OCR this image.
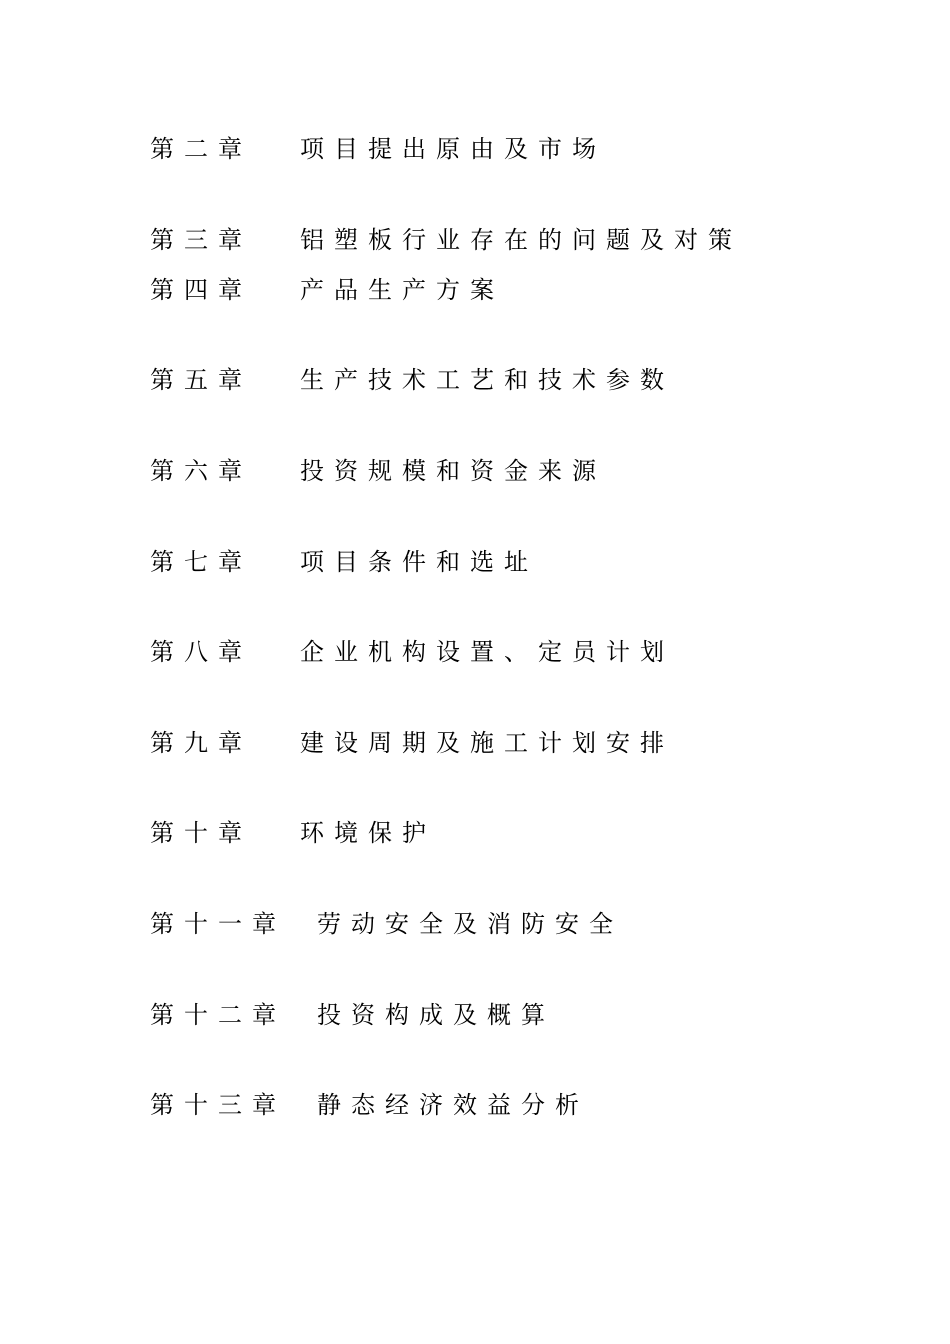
第二章 项目提出原由及市场
第三章 铝塑板行业存在的问题及对策
第四章 产品生产方案
第五章 生产技术工艺和技术参数
第六章 投资规模和资金来源
第七章 项目条件和选址
第八章 企业机构设置、定员计划
第九章 建设周期及施工计划安排
第十章 环境保护
第十一章 劳动安全及消防安全
第十二章 投资构成及概算
第十三章 静态经济效益分析
